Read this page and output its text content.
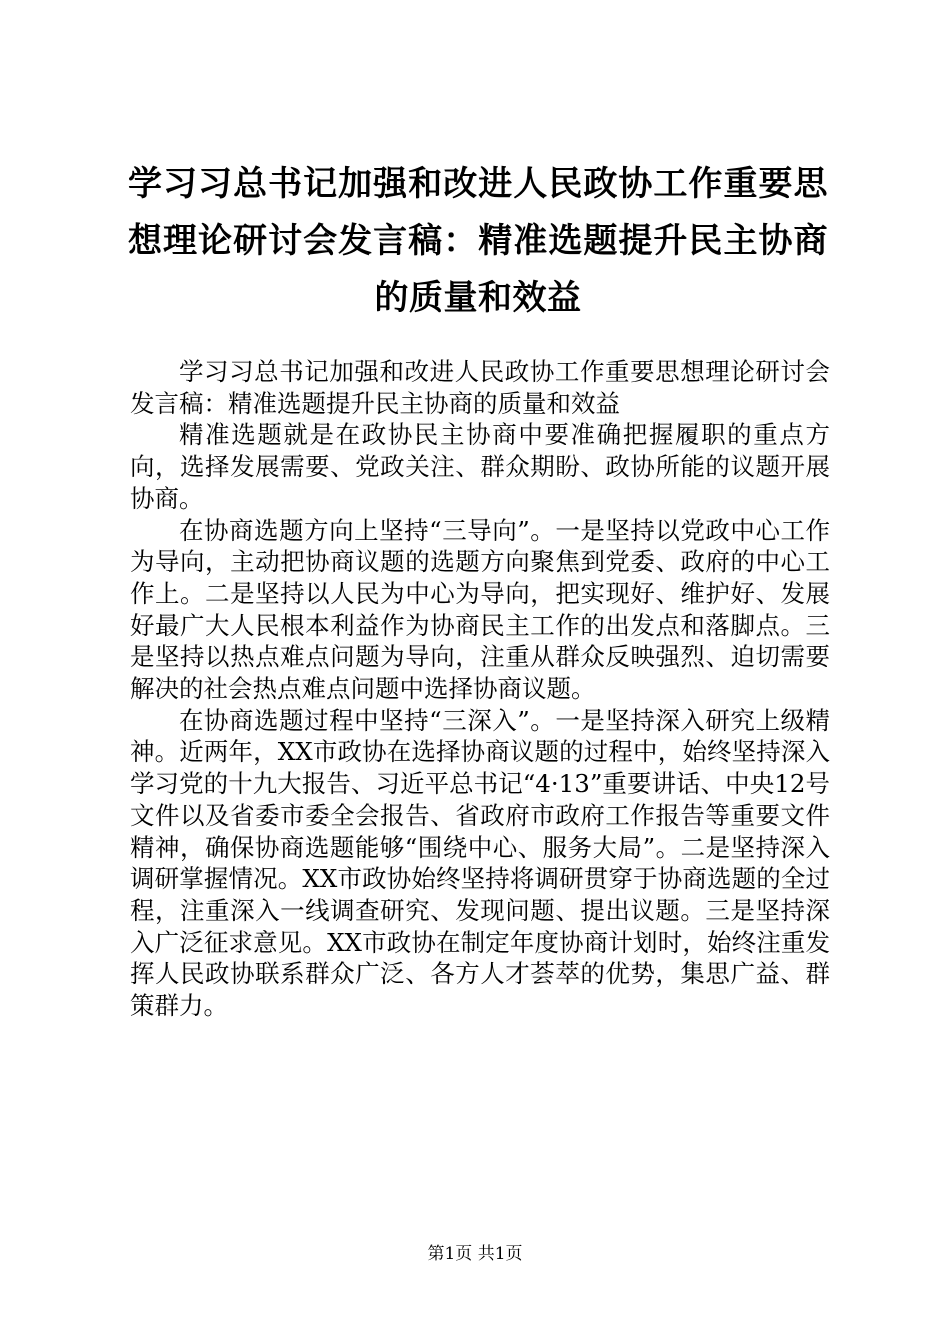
学习习总书记加强和改进人民政协工作重要思想理论研讨会发言稿：精准选题提升民主协商的质量和效益

学习习总书记加强和改进人民政协工作重要思想理论研讨会发言稿：精准选题提升民主协商的质量和效益

精准选题就是在政协民主协商中要准确把握履职的重点方向，选择发展需要、党政关注、群众期盼、政协所能的议题开展协商。

在协商选题方向上坚持“三导向”。一是坚持以党政中心工作为导向，主动把协商议题的选题方向聚焦到党委、政府的中心工作上。二是坚持以人民为中心为导向，把实现好、维护好、发展好最广大人民根本利益作为协商民主工作的出发点和落脚点。三是坚持以热点难点问题为导向，注重从群众反映强烈、迫切需要解决的社会热点难点问题中选择协商议题。

在协商选题过程中坚持“三深入”。一是坚持深入研究上级精神。近两年，XX市政协在选择协商议题的过程中，始终坚持深入学习党的十九大报告、习近平总书记“4·13”重要讲话、中央12号文件以及省委市委全会报告、省政府市政府工作报告等重要文件精神，确保协商选题能够“围绕中心、服务大局”。二是坚持深入调研掌握情况。XX市政协始终坚持将调研贯穿于协商选题的全过程，注重深入一线调查研究、发现问题、提出议题。三是坚持深入广泛征求意见。XX市政协在制定年度协商计划时，始终注重发挥人民政协联系群众广泛、各方人才荟萃的优势，集思广益、群策群力。

第1页 共1页
